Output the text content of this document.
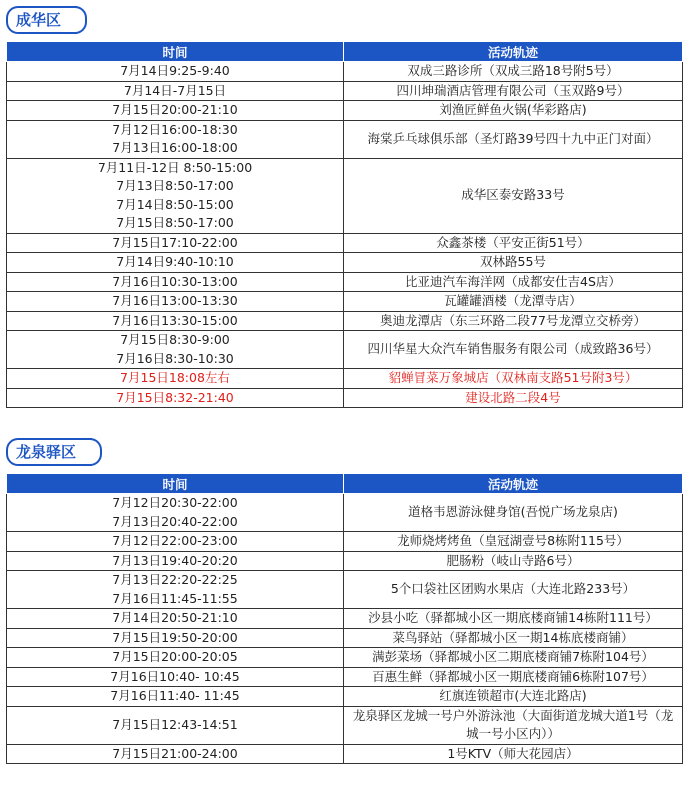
成华区
时间	活动轨迹

7月14日9:25-9:40	双成三路诊所（双成三路18号附5号）

7月14日-7月15日	四川坤瑞酒店管理有限公司（玉双路9号）

7月15日20:00-21:10	刘渔匠鲜鱼火锅(华彩路店)

7月12日16:00-18:30
7月13日16:00-18:00	海棠乒乓球俱乐部（圣灯路39号四十九中正门对面）

7月11日-12日 8:50-15:00
7月13日8:50-17:00
7月14日8:50-15:00
7月15日8:50-17:00	成华区泰安路33号

7月15日17:10-22:00	众鑫茶楼（平安正街51号）

7月14日9:40-10:10	双林路55号

7月16日10:30-13:00	比亚迪汽车海洋网（成都安仕吉4S店）

7月16日13:00-13:30	瓦罐罐酒楼（龙潭寺店）

7月16日13:30-15:00	奥迪龙潭店（东三环路二段77号龙潭立交桥旁）

7月15日8:30-9:00
7月16日8:30-10:30	四川华星大众汽车销售服务有限公司（成致路36号）

7月15日18:08左右	貂蝉冒菜万象城店（双林南支路51号附3号）

7月15日8:32-21:40	建设北路二段4号
龙泉驿区
时间	活动轨迹

7月12日20:30-22:00
7月13日20:40-22:00	道格韦恩游泳健身馆(吾悦广场龙泉店)

7月12日22:00-23:00	龙师烧烤烤鱼（皇冠湖壹号8栋附115号）

7月13日19:40-20:20	肥肠粉（岐山寺路6号）

7月13日22:20-22:25
7月16日11:45-11:55	5个口袋社区团购水果店（大连北路233号）

7月14日20:50-21:10	沙县小吃（驿都城小区一期底楼商铺14栋附111号）

7月15日19:50-20:00	菜鸟驿站（驿都城小区一期14栋底楼商铺）

7月15日20:00-20:05	满彭菜场（驿都城小区二期底楼商铺7栋附104号）

7月16日10:40- 10:45	百惠生鲜（驿都城小区一期底楼商铺6栋附107号）

7月16日11:40- 11:45	红旗连锁超市(大连北路店)

7月15日12:43-14:51	龙泉驿区龙城一号户外游泳池（大面街道龙城大道1号（龙城一号小区内））

7月15日21:00-24:00	1号KTV（师大花园店）
